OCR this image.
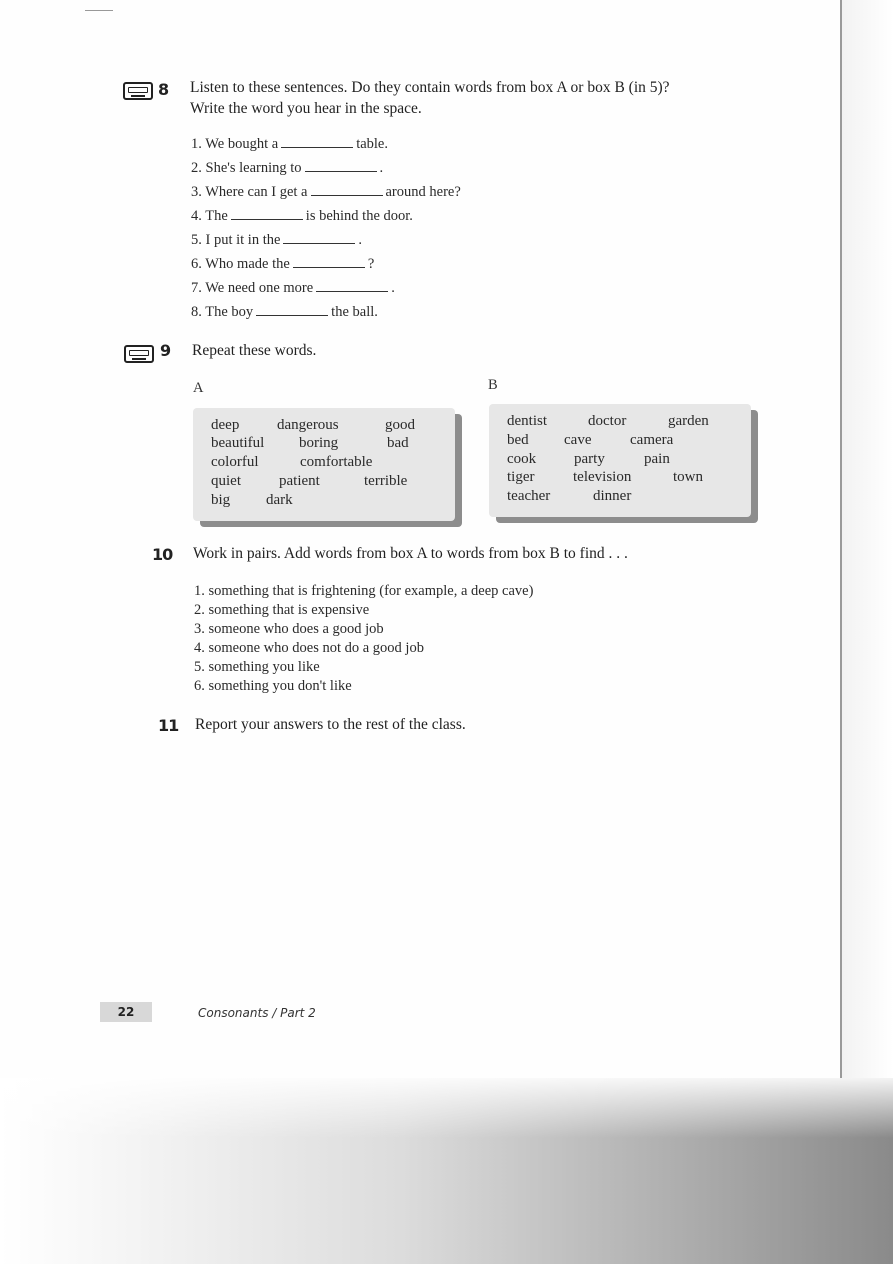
8 Listen to these sentences. Do they contain words from box A or box B (in 5)?
Write the word you hear in the space.
1. We bought a	table.
2. She's learning to	.
3. Where can I get a	around here?
4. The	is behind the door.
5. I put it in the	.
6. Who made the	?
7. We need one more	.
8. The boy	the ball.
9 Repeat these words.
A	B
deep	dangerous	good
beautiful boring	bad
colorful	comfortable
quiet	patient	terrible
big dark
dentist	doctor	garden
bed cave	camera
cook	party	pain
tiger	television	town
teacher	dinner
10 Work in pairs. Add words from box A to words from box B to find . . .
1. something that is frightening (for example, a deep cave)
2. something that is expensive
3. someone who does a good job
4. someone who does not do a good job
5. something you like
6. something you don't like
11 Report your answers to the rest of the class.
22	Consonants / Part 2
